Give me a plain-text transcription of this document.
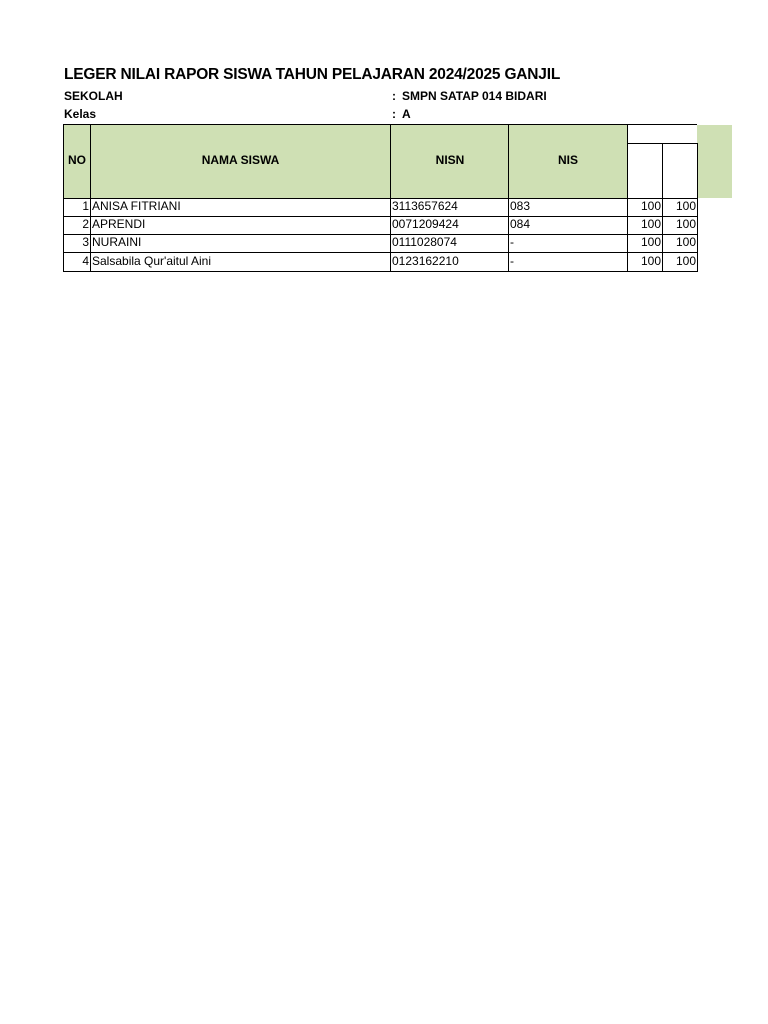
LEGER NILAI RAPOR SISWA TAHUN PELAJARAN 2024/2025 GANJIL
SEKOLAH	: SMPN SATAP 014 BIDARI
Kelas	: A
NO	NAMA SISWA	NISN	NIS
1 ANISA FITRIANI	3113657624	083	100	100
2 APRENDI	0071209424	084	100	100
3 NURAINI	0111028074	-	100	100
4 Salsabila Qur'aitul Aini	0123162210	-	100	100
